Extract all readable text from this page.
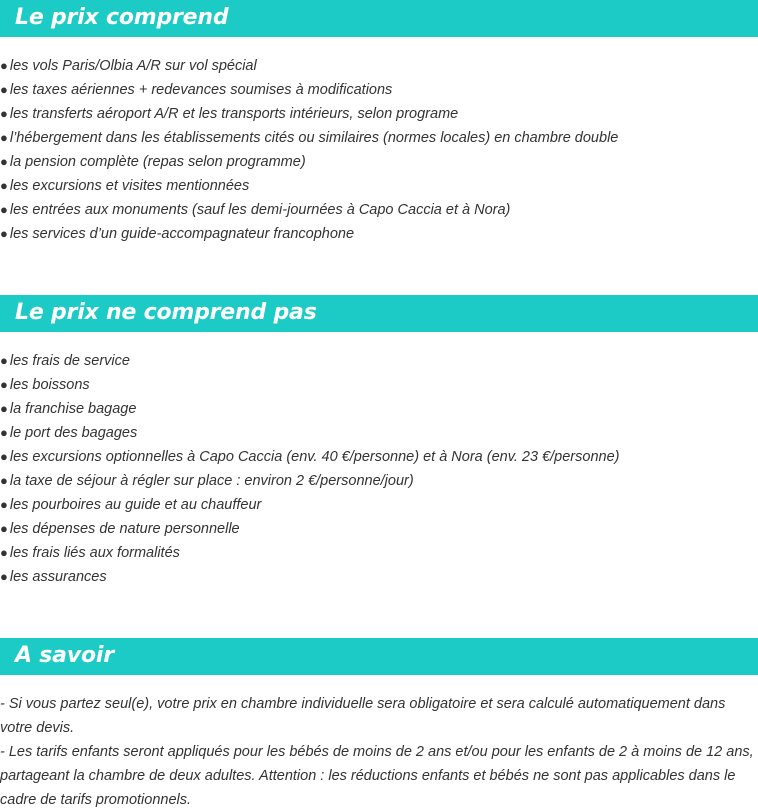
Le prix comprend
● les vols Paris/Olbia A/R sur vol spécial
● les taxes aériennes + redevances soumises à modifications
● les transferts aéroport A/R et les transports intérieurs, selon programe
● l’hébergement dans les établissements cités ou similaires (normes locales) en chambre double
● la pension complète (repas selon programme)
● les excursions et visites mentionnées
● les entrées aux monuments (sauf les demi-journées à Capo Caccia et à Nora)
● les services d’un guide-accompagnateur francophone
Le prix ne comprend pas
● les frais de service
● les boissons
● la franchise bagage
● le port des bagages
● les excursions optionnelles à Capo Caccia (env. 40 €/personne) et à Nora (env. 23 €/personne)
● la taxe de séjour à régler sur place : environ 2 €/personne/jour)
● les pourboires au guide et au chauffeur
● les dépenses de nature personnelle
● les frais liés aux formalités
● les assurances
A savoir

- Si vous partez seul(e), votre prix en chambre individuelle sera obligatoire et sera calculé automatiquement dans votre devis.

- Les tarifs enfants seront appliqués pour les bébés de moins de 2 ans et/ou pour les enfants de 2 à moins de 12 ans, partageant la chambre de deux adultes. Attention : les réductions enfants et bébés ne sont pas applicables dans le cadre de tarifs promotionnels.
